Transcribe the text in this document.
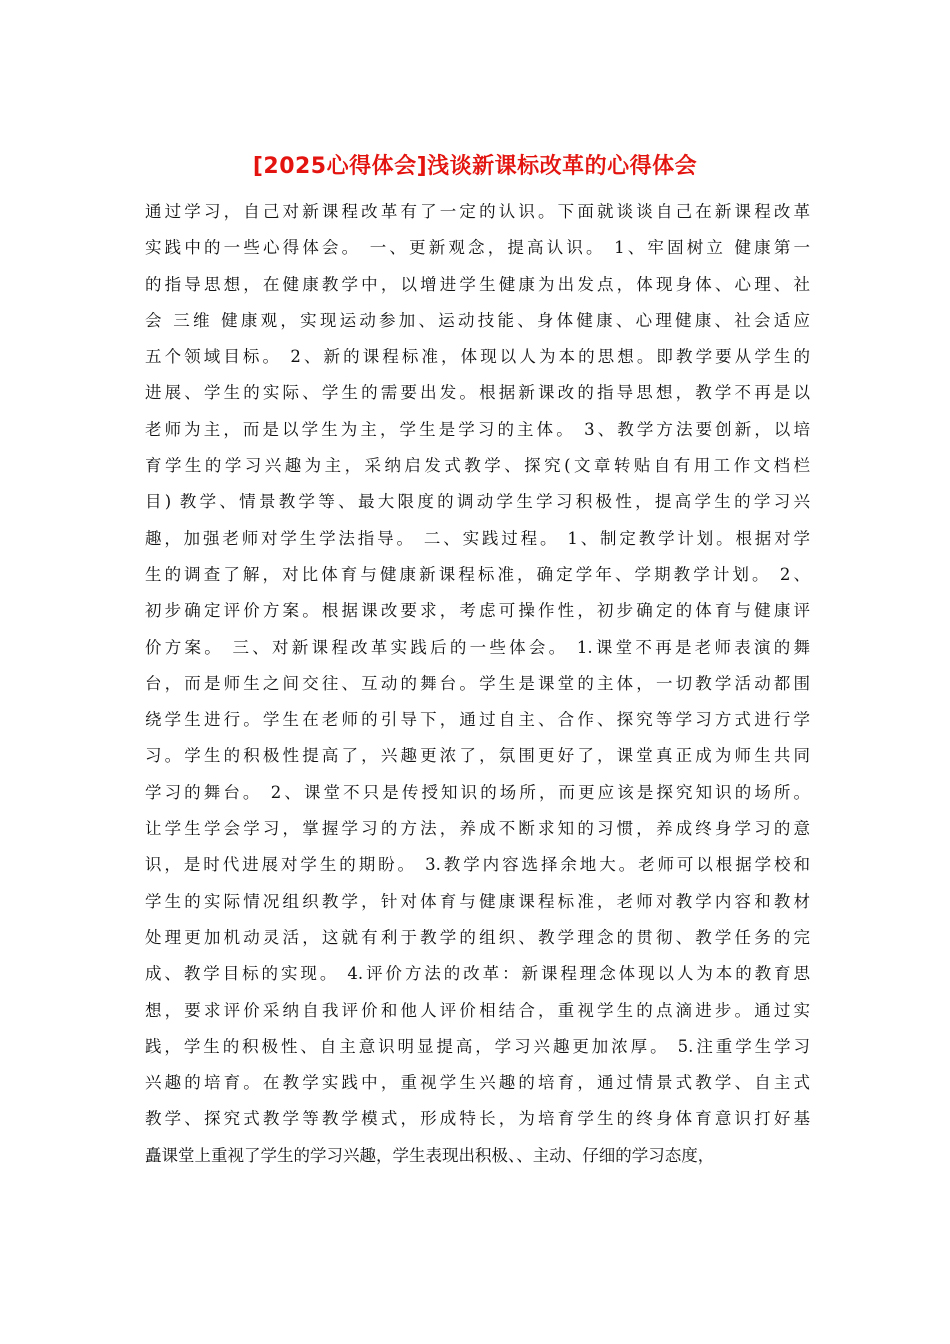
[2025心得体会]浅谈新课标改革的心得体会
通过学习，自己对新课程改革有了一定的认识。下面就谈谈自己在新课程改革
实践中的一些心得体会。 一、更新观念，提高认识。 1、牢固树立 健康第一
的指导思想，在健康教学中，以增进学生健康为出发点，体现身体、心理、社
会 三维 健康观，实现运动参加、运动技能、身体健康、心理健康、社会适应
五个领域目标。 2、新的课程标准，体现以人为本的思想。即教学要从学生的
进展、学生的实际、学生的需要出发。根据新课改的指导思想，教学不再是以
老师为主，而是以学生为主，学生是学习的主体。 3、教学方法要创新，以培
育学生的学习兴趣为主，采纳启发式教学、探究(文章转贴自有用工作文档栏
目) 教学、情景教学等、最大限度的调动学生学习积极性，提高学生的学习兴
趣，加强老师对学生学法指导。 二、实践过程。 1、制定教学计划。根据对学
生的调查了解，对比体育与健康新课程标准，确定学年、学期教学计划。 2、
初步确定评价方案。根据课改要求，考虑可操作性，初步确定的体育与健康评
价方案。 三、对新课程改革实践后的一些体会。 1.课堂不再是老师表演的舞
台，而是师生之间交往、互动的舞台。学生是课堂的主体，一切教学活动都围
绕学生进行。学生在老师的引导下，通过自主、合作、探究等学习方式进行学
习。学生的积极性提高了，兴趣更浓了，氛围更好了，课堂真正成为师生共同
学习的舞台。 2、课堂不只是传授知识的场所，而更应该是探究知识的场所。
让学生学会学习，掌握学习的方法，养成不断求知的习惯，养成终身学习的意
识，是时代进展对学生的期盼。 3.教学内容选择余地大。老师可以根据学校和
学生的实际情况组织教学，针对体育与健康课程标准，老师对教学内容和教材
处理更加机动灵活，这就有利于教学的组织、教学理念的贯彻、教学任务的完
成、教学目标的实现。 4.评价方法的改革：新课程理念体现以人为本的教育思
想，要求评价采纳自我评价和他人评价相结合，重视学生的点滴进步。通过实
践，学生的积极性、自主意识明显提高，学习兴趣更加浓厚。 5.注重学生学习
兴趣的培育。在教学实践中，重视学生兴趣的培育，通过情景式教学、自主式
教学、探究式教学等教学模式，形成特长，为培育学生的终身体育意识打好基
矗课堂上重视了学生的学习兴趣，学生表现出积极、、主动、仔细的学习态度，
